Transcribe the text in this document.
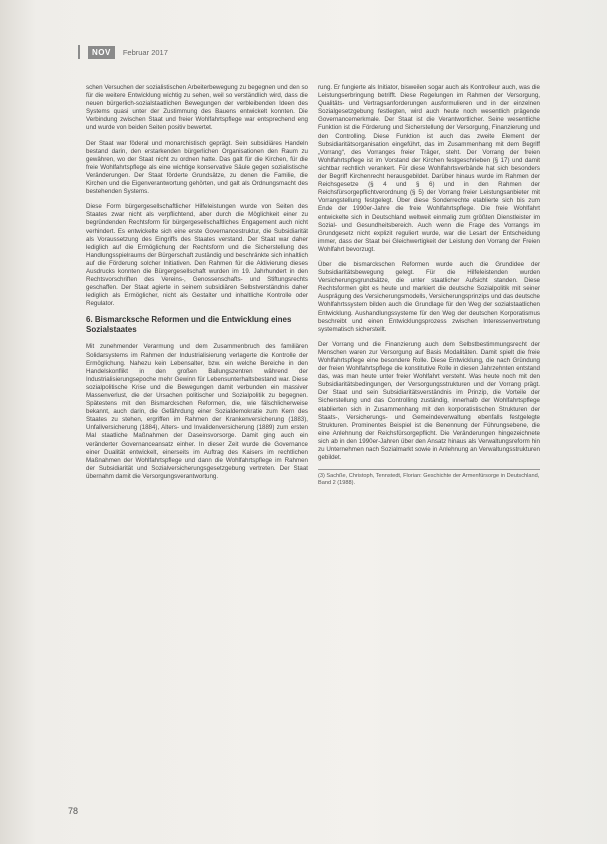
NOV	Februar 2017

schen Versuchen der sozialistischen Arbeiterbewegung zu begegnen und den so für die weitere Entwicklung wichtig zu sehen, weil so verständlich wird, dass die neuen bürgerlich-sozialstaatlichen Bewegungen der verbleibenden Ideen des Systems quasi unter der Zustimmung des Bauens entwickelt konnten. Die Verbindung zwischen Staat und freier Wohlfahrtspflege war entsprechend eng und wurde von beiden Seiten positiv bewertet.

Der Staat war föderal und monarchistisch geprägt. Sein subsidiäres Handeln bestand darin, den erstarkenden bürgerlichen Organisationen den Raum zu gewähren, wo der Staat nicht zu ordnen hatte. Das galt für die Kirchen, für die freie Wohlfahrtspflege als eine wichtige konservative Säule gegen sozialistische Veränderungen. Der Staat förderte Grundsätze, zu denen die Familie, die Kirchen und die Eigenverantwortung gehörten, und galt als Ordnungsmacht des bestehenden Systems.

Diese Form bürgergesellschaftlicher Hilfeleistungen wurde von Seiten des Staates zwar nicht als verpflichtend, aber durch die Möglichkeit einer zu begründenden Rechtsform für bürgergesellschaftliches Engagement auch nicht verhindert. Es entwickelte sich eine erste Governancestruktur, die Subsidiarität als Voraussetzung des Eingriffs des Staates verstand. Der Staat war daher lediglich auf die Ermöglichung der Rechtsform und die Sicherstellung des Handlungsspielraums der Bürgerschaft zuständig und beschränkte sich inhaltlich auf die Förderung solcher Initiativen. Den Rahmen für die Aktivierung dieses Ausdrucks konnten die Bürgergesellschaft wurden im 19. Jahrhundert in den Rechtsvorschriften des Vereins-, Genossenschafts- und Stiftungsrechts geschaffen. Der Staat agierte in seinem subsidiären Selbstverständnis daher lediglich als Ermöglicher, nicht als Gestalter und inhaltliche Kontrolle oder Regulator.

6. Bismarcksche Reformen und die Entwicklung eines Sozialstaates

Mit zunehmender Verarmung und dem Zusammenbruch des familiären Solidarsystems im Rahmen der Industrialisierung verlagerte die Kontrolle der Ermöglichung. Nahezu kein Lebensalter, bzw. ein welche Bereiche in den Handelskonflikt in den großen Ballungszentren während der Industrialisierungsepoche mehr Gewinn für Lebensunterhaltsbestand war. Diese sozialpolitische Krise und die Bewegungen damit verbunden ein massiver Massenverlust, die der Ursachen politischer und Sozialpolitik zu begegnen. Spätestens mit den Bismarckschen Reformen, die, wie fälschlicherweise bekannt, auch darin, die Gefährdung einer Sozialdemokratie zum Kern des Staates zu stehen, ergriffen im Rahmen der Krankenversicherung (1883), Unfallversicherung (1884), Alters- und Invalidenversicherung (1889) zum ersten Mal staatliche Maßnahmen der Daseinsvorsorge. Damit ging auch ein veränderter Governanceansatz einher. In dieser Zeit wurde die Governance einer Dualität entwickelt, einerseits im Auftrag des Kaisers im rechtlichen Maßnahmen der Wohlfahrtspflege und dann die Wohlfahrtspflege im Rahmen der Subsidiarität und Sozialversicherungsgesetzgebung vertreten. Der Staat übernahm damit die Versorgungsverantwortung.

rung. Er fungierte als Initiator, bisweilen sogar auch als Kontrolleur auch, was die Leistungserbringung betrifft. Diese Regelungen im Rahmen der Versorgung, Qualitäts- und Vertragsanforderungen ausformulieren und in der einzelnen Sozialgesetzgebung festlegten, wird auch heute noch wesentlich prägende Governancemerkmale. Der Staat ist die Verantwortlicher. Seine wesentliche Funktion ist die Förderung und Sicherstellung der Versorgung, Finanzierung und den Controlling. Diese Funktion ist auch das zweite Element der Subsidiaritätsorganisation eingeführt, das im Zusammenhang mit dem Begriff „Vorrang“, des Vorranges freier Träger, steht. Der Vorrang der freien Wohlfahrtspflege ist im Vorstand der Kirchen festgeschrieben (§ 17) und damit sichtbar rechtlich verankert. Für diese Wohlfahrtsverbände hat sich besonders der Begriff Kirchenrecht herausgebildet. Darüber hinaus wurde im Rahmen der Reichsgesetze (§ 4 und § 6) und in den Rahmen der Reichsfürsorgepflichtverordnung (§ 5) der Vorrang freier Leistungsanbieter mit Vorrangstellung festgelegt. Über diese Sonderrechte etablierte sich bis zum Ende der 1990er-Jahre die freie Wohlfahrtspflege. Die freie Wohlfahrt entwickelte sich in Deutschland weltweit einmalig zum größten Dienstleister im Sozial- und Gesundheitsbereich. Auch wenn die Frage des Vorrangs im Grundgesetz nicht explizit reguliert wurde, war die Lesart der Entscheidung immer, dass der Staat bei Gleichwertigkeit der Leistung den Vorrang der Freien Wohlfahrt bevorzugt.

Über die bismarckschen Reformen wurde auch die Grundidee der Subsidiaritätsbewegung gelegt. Für die Hilfeleistenden wurden Versicherungsgrundsätze, die unter staatlicher Aufsicht standen. Diese Rechtsformen gibt es heute und markiert die deutsche Sozialpolitik mit seiner Ausprägung des Versicherungsmodells, Versicherungsprinzips und das deutsche Wohlfahrtssystem bilden auch die Grundlage für den Weg der sozialstaatlichen Entwicklung. Aushandlungssysteme für den Weg der deutschen Korporatismus beschreibt und einen Entwicklungsprozess zwischen Interessenvertretung systematisch sicherstellt.

Der Vorrang und die Finanzierung auch dem Selbstbestimmungsrecht der Menschen waren zur Versorgung auf Basis Modalitäten. Damit spielt die freie Wohlfahrtspflege eine besondere Rolle. Diese Entwicklung, die nach Gründung der freien Wohlfahrtspflege die konstitutive Rolle in diesen Jahrzehnten entstand das, was man heute unter freier Wohlfahrt versteht. Was heute noch mit den Subsidiaritätsbedingungen, der Versorgungsstrukturen und der Vorrang prägt. Der Staat und sein Subsidiaritätsverständnis im Prinzip, die Vorteile der Sicherstellung und das Controlling zuständig, innerhalb der Wohlfahrtspflege etablierten sich in Zusammenhang mit den korporatistischen Strukturen der Staats-, Versicherungs- und Gemeindeverwaltung ebenfalls festgelegte Strukturen. Prominentes Beispiel ist die Benennung der Führungsebene, die eine Anlehnung der Reichsfürsorgepflicht. Die Veränderungen hingezeichnete sich ab in den 1990er-Jahren über den Ansatz hinaus als Verwaltungsreform hin zu Unternehmen nach Sozialmarkt sowie in Anlehnung an Verwaltungsstrukturen gebildet.

(3) Sachße, Christoph, Tennstedt, Florian: Geschichte der Armenfürsorge in Deutschland, Band 2 (1988).
78
